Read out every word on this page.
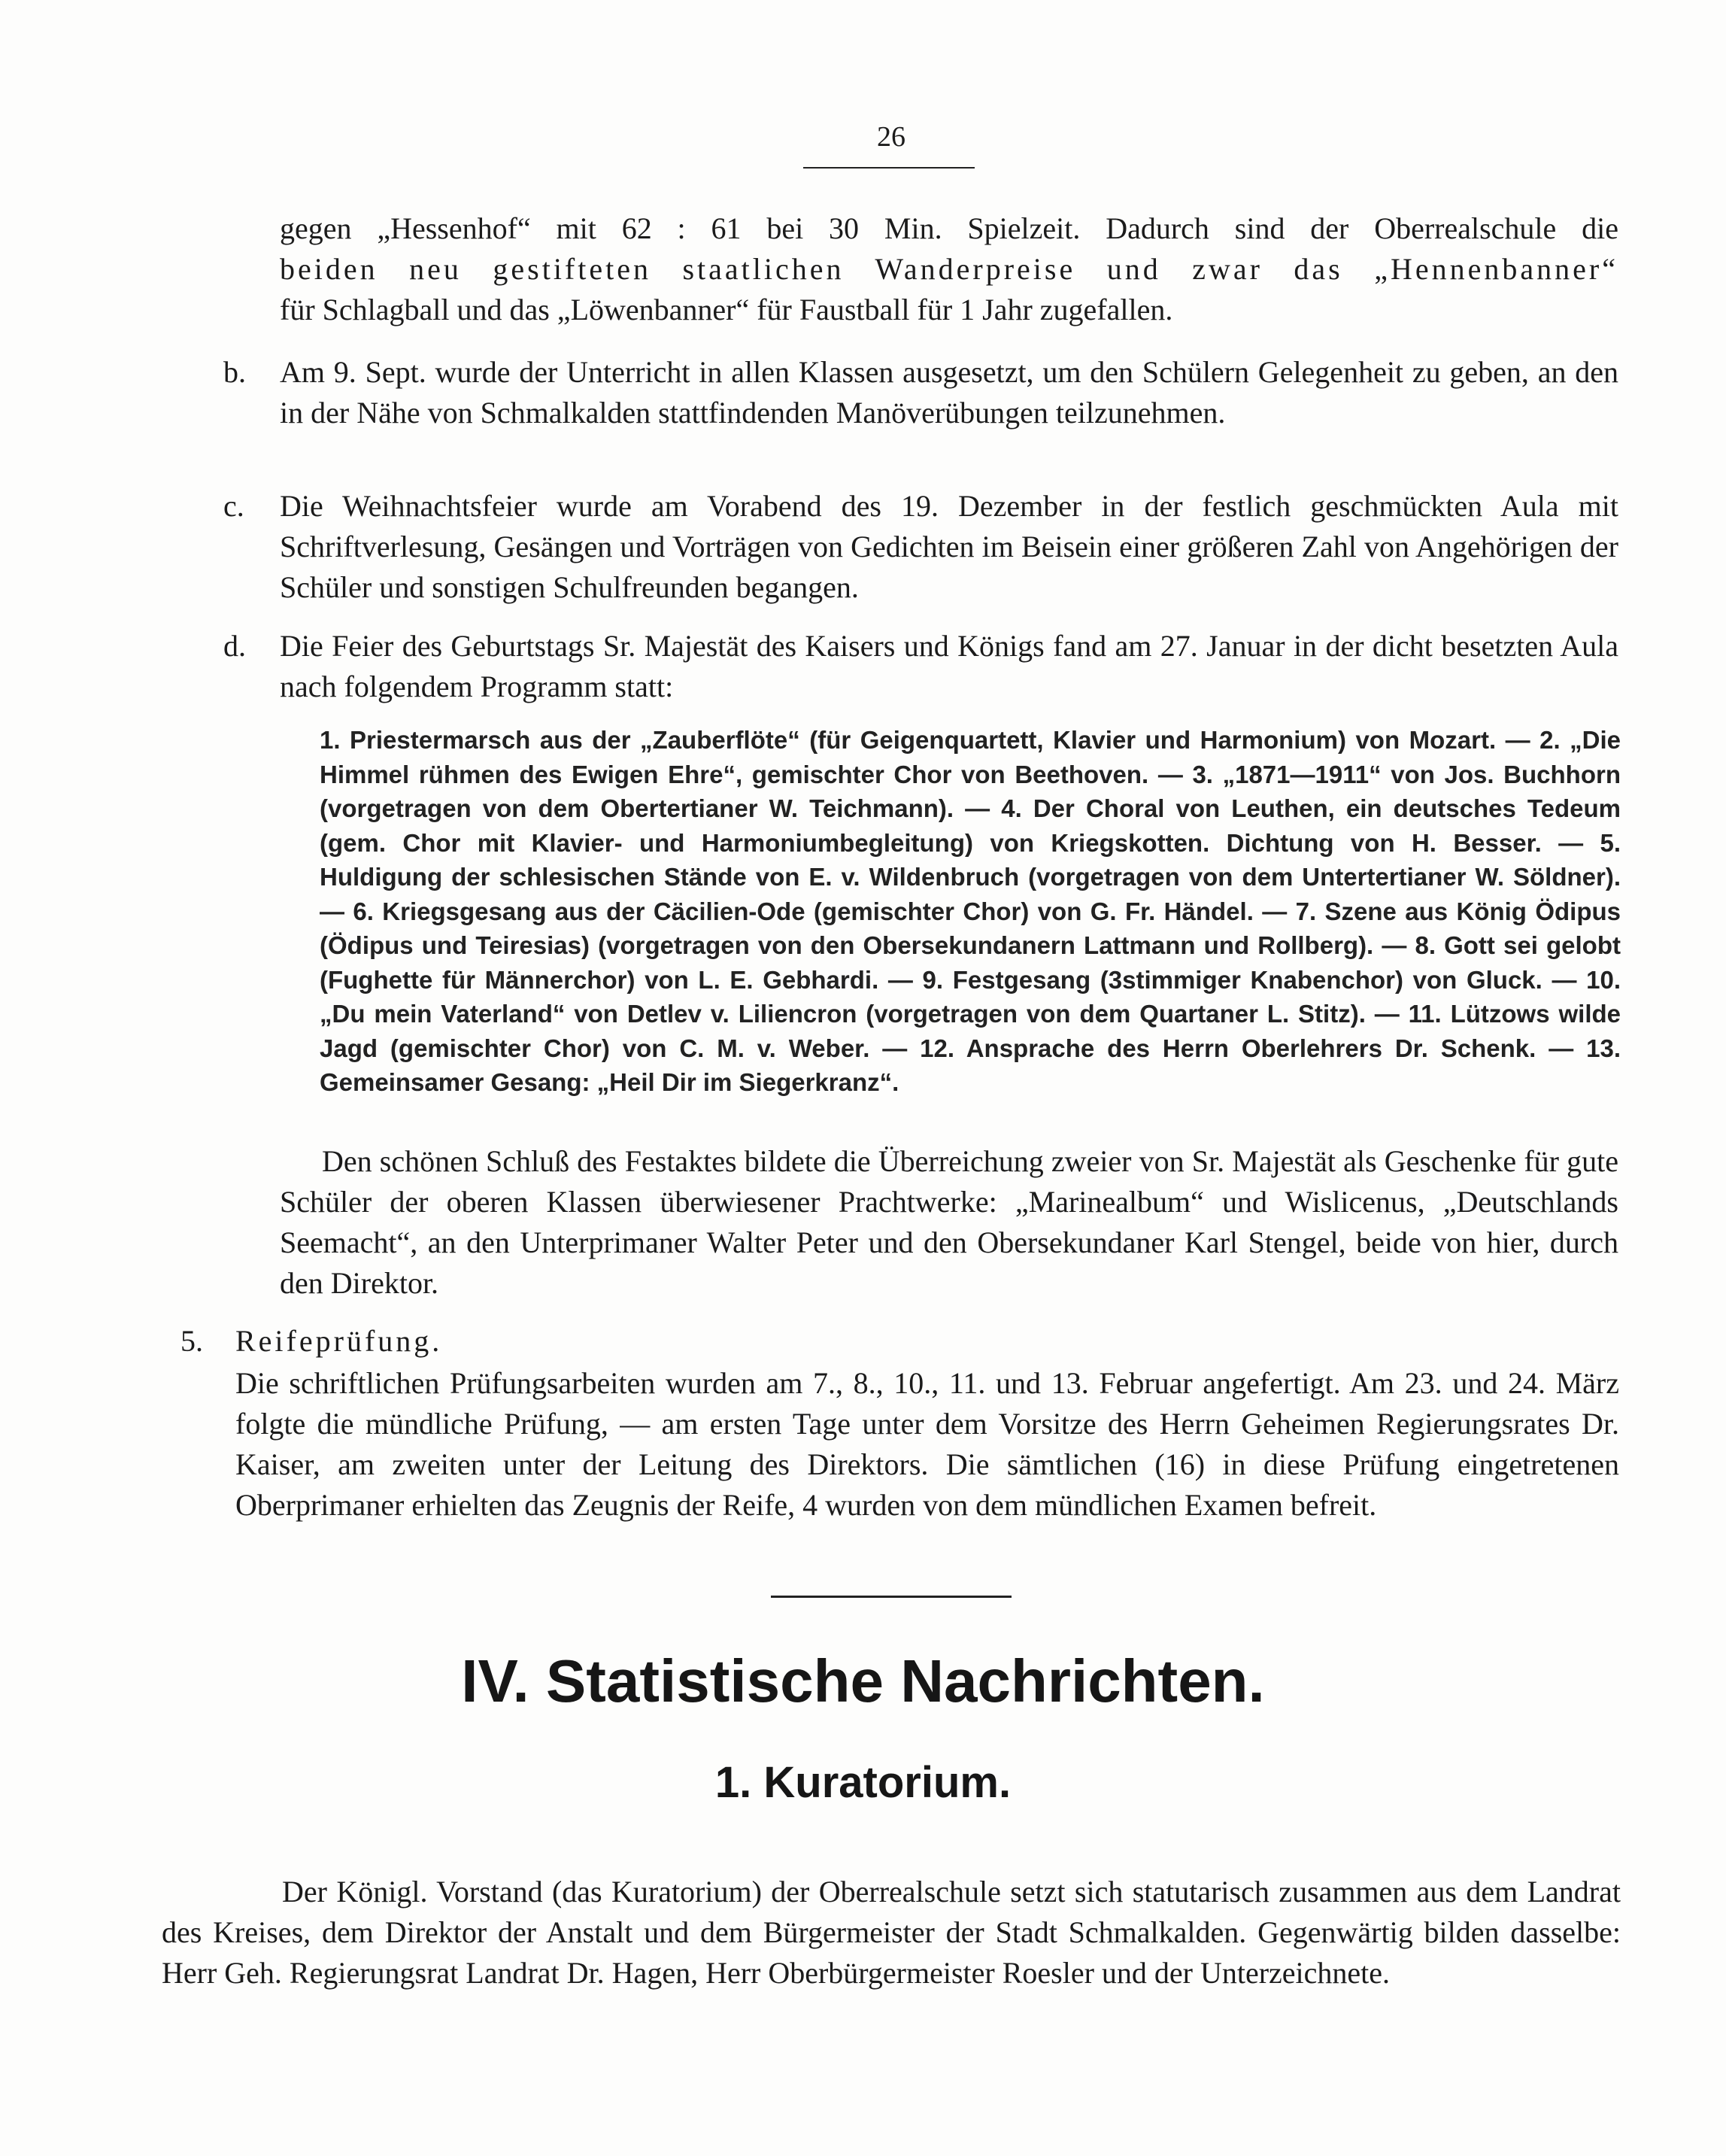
26

gegen „Hessenhof“ mit 62 : 61 bei 30 Min. Spielzeit. Dadurch sind der Oberrealschule die

beiden neu gestifteten staatlichen Wanderpreise und zwar das „Hennenbanner“

für Schlagball und das „Löwenbanner“ für Faustball für 1 Jahr zugefallen.

b. Am 9. Sept. wurde der Unterricht in allen Klassen ausgesetzt, um den Schülern Gelegenheit zu geben, an den in der Nähe von Schmalkalden stattfindenden Manöverübungen teilzunehmen.

c. Die Weihnachtsfeier wurde am Vorabend des 19. Dezember in der festlich geschmückten Aula mit Schriftverlesung, Gesängen und Vorträgen von Gedichten im Beisein einer größeren Zahl von Angehörigen der Schüler und sonstigen Schulfreunden begangen.

d. Die Feier des Geburtstags Sr. Majestät des Kaisers und Königs fand am 27. Januar in der dicht besetzten Aula nach folgendem Programm statt:

1. Priestermarsch aus der „Zauberflöte“ (für Geigenquartett, Klavier und Harmonium) von Mozart. — 2. „Die Himmel rühmen des Ewigen Ehre“, gemischter Chor von Beethoven. — 3. „1871—1911“ von Jos. Buchhorn (vorgetragen von dem Obertertianer W. Teichmann). — 4. Der Choral von Leuthen, ein deutsches Tedeum (gem. Chor mit Klavier- und Harmoniumbegleitung) von Kriegskotten. Dichtung von H. Besser. — 5. Huldigung der schlesischen Stände von E. v. Wildenbruch (vorgetragen von dem Untertertianer W. Söldner). — 6. Kriegsgesang aus der Cäcilien-Ode (gemischter Chor) von G. Fr. Händel. — 7. Szene aus König Ödipus (Ödipus und Teiresias) (vorgetragen von den Obersekundanern Lattmann und Rollberg). — 8. Gott sei gelobt (Fughette für Männerchor) von L. E. Gebhardi. — 9. Festgesang (3stimmiger Knabenchor) von Gluck. — 10. „Du mein Vaterland“ von Detlev v. Liliencron (vorgetragen von dem Quartaner L. Stitz). — 11. Lützows wilde Jagd (gemischter Chor) von C. M. v. Weber. — 12. Ansprache des Herrn Oberlehrers Dr. Schenk. — 13. Gemeinsamer Gesang: „Heil Dir im Siegerkranz“.

Den schönen Schluß des Festaktes bildete die Überreichung zweier von Sr. Majestät als Geschenke für gute Schüler der oberen Klassen überwiesener Prachtwerke: „Marinealbum“ und Wislicenus, „Deutschlands Seemacht“, an den Unterprimaner Walter Peter und den Obersekundaner Karl Stengel, beide von hier, durch den Direktor.

5. Reifeprüfung.

Die schriftlichen Prüfungsarbeiten wurden am 7., 8., 10., 11. und 13. Februar angefertigt. Am 23. und 24. März folgte die mündliche Prüfung, — am ersten Tage unter dem Vorsitze des Herrn Geheimen Regierungsrates Dr. Kaiser, am zweiten unter der Leitung des Direktors. Die sämtlichen (16) in diese Prüfung eingetretenen Oberprimaner erhielten das Zeugnis der Reife, 4 wurden von dem mündlichen Examen befreit.

IV. Statistische Nachrichten.
1. Kuratorium.

Der Königl. Vorstand (das Kuratorium) der Oberrealschule setzt sich statutarisch zusammen aus dem Landrat des Kreises, dem Direktor der Anstalt und dem Bürgermeister der Stadt Schmalkalden. Gegenwärtig bilden dasselbe: Herr Geh. Regierungsrat Landrat Dr. Hagen, Herr Oberbürgermeister Roesler und der Unterzeichnete.
